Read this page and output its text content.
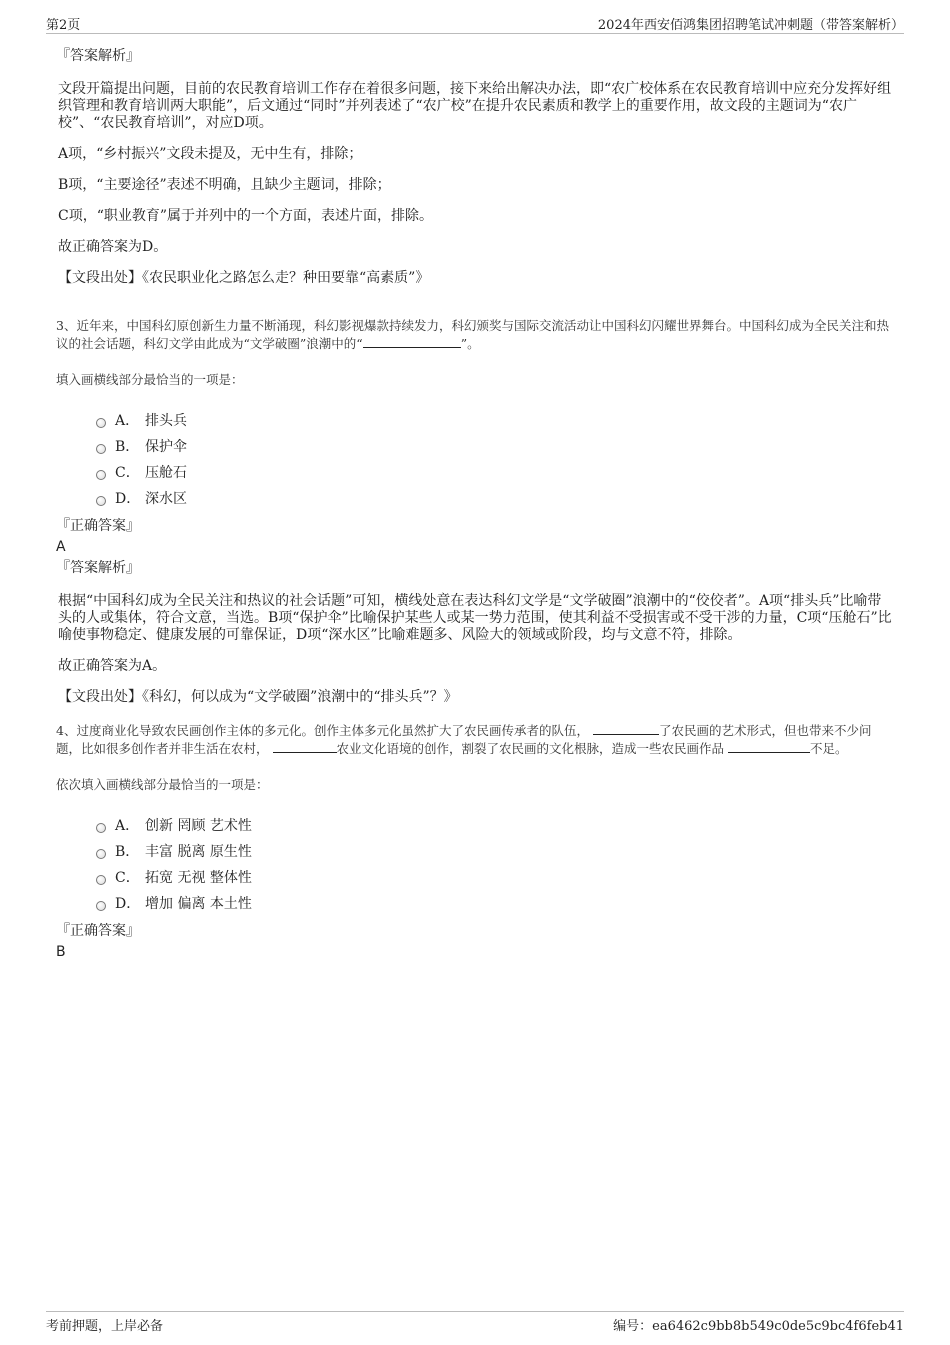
第2页	2024年西安佰鸿集团招聘笔试冲刺题（带答案解析）
『答案解析』

文段开篇提出问题，目前的农民教育培训工作存在着很多问题，接下来给出解决办法，即“农广校体系在农民教育培训中应充分发挥好组织管理和教育培训两大职能”，后文通过“同时”并列表述了“农广校”在提升农民素质和教学上的重要作用，故文段的主题词为“农广校”、“农民教育培训”，对应D项。

A项，“乡村振兴”文段未提及，无中生有，排除；

B项，“主要途径”表述不明确，且缺少主题词，排除；

C项，“职业教育”属于并列中的一个方面，表述片面，排除。

故正确答案为D。

【文段出处】《农民职业化之路怎么走？种田要靠“高素质”》

3、近年来，中国科幻原创新生力量不断涌现，科幻影视爆款持续发力，科幻颁奖与国际交流活动让中国科幻闪耀世界舞台。中国科幻成为全民关注和热议的社会话题，科幻文学由此成为“文学破圈”浪潮中的“	”。
填入画横线部分最恰当的一项是：
A． 排头兵
B． 保护伞
C． 压舱石
D． 深水区
『正确答案』
A
『答案解析』

根据“中国科幻成为全民关注和热议的社会话题”可知，横线处意在表达科幻文学是“文学破圈”浪潮中的“佼佼者”。A项“排头兵”比喻带头的人或集体，符合文意，当选。B项“保护伞”比喻保护某些人或某一势力范围，使其利益不受损害或不受干涉的力量，C项“压舱石”比喻使事物稳定、健康发展的可靠保证，D项“深水区”比喻难题多、风险大的领域或阶段，均与文意不符，排除。

故正确答案为A。

【文段出处】《科幻，何以成为“文学破圈”浪潮中的“排头兵”？》

4、过度商业化导致农民画创作主体的多元化。创作主体多元化虽然扩大了农民画传承者的队伍，	了农民画的艺术形式，但也带来不少问题，比如很多创作者并非生活在农村，	农业文化语境的创作，割裂了农民画的文化根脉，造成一些农民画作品	不足。
依次填入画横线部分最恰当的一项是：
A． 创新 罔顾 艺术性
B． 丰富 脱离 原生性
C． 拓宽 无视 整体性
D． 增加 偏离 本土性
『正确答案』
B
考前押题，上岸必备	编号：ea6462c9bb8b549c0de5c9bc4f6feb41
